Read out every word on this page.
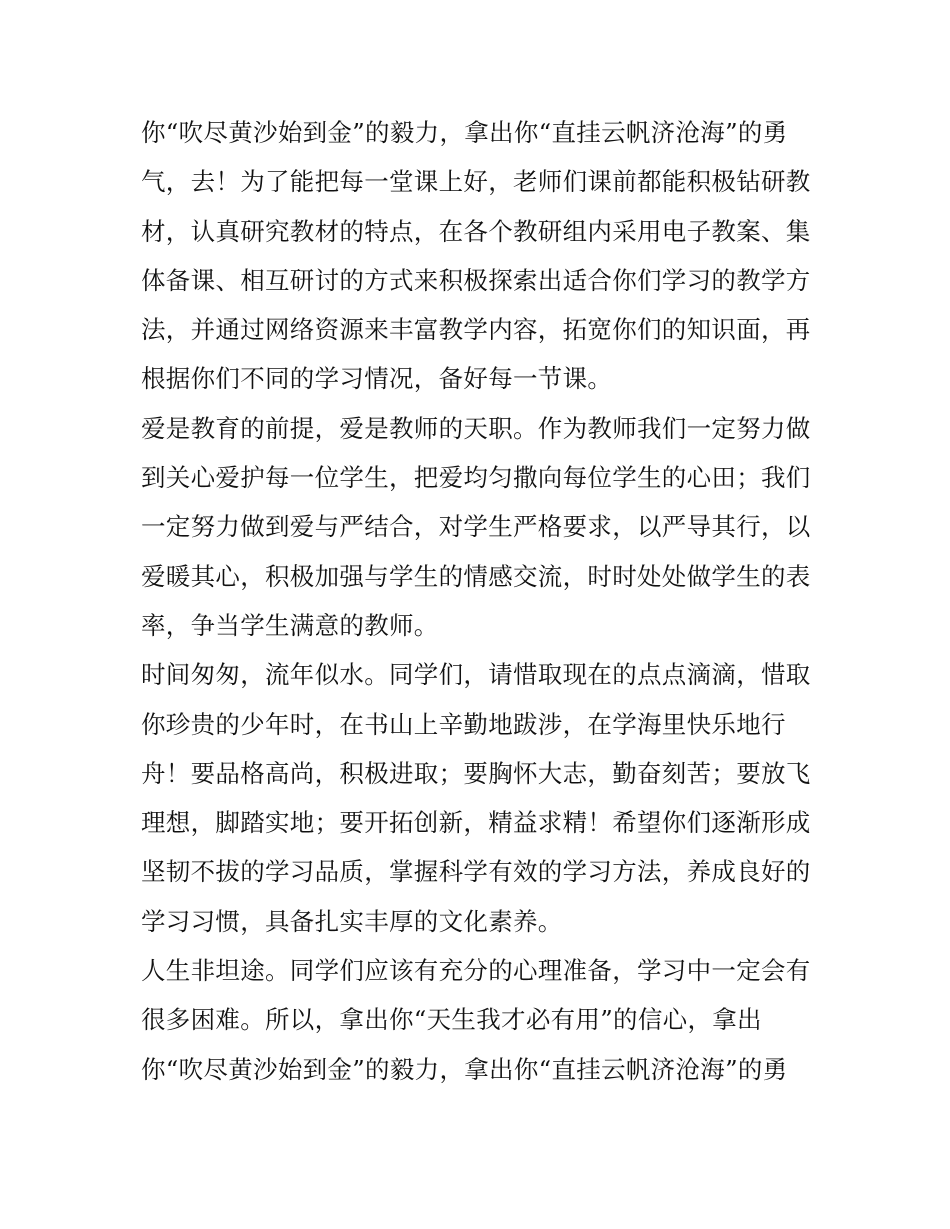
你“吹尽黄沙始到金”的毅力，拿出你“直挂云帆济沧海”的勇
气，去！为了能把每一堂课上好，老师们课前都能积极钻研教
材，认真研究教材的特点，在各个教研组内采用电子教案、集
体备课、相互研讨的方式来积极探索出适合你们学习的教学方
法，并通过网络资源来丰富教学内容，拓宽你们的知识面，再
根据你们不同的学习情况，备好每一节课。
爱是教育的前提，爱是教师的天职。作为教师我们一定努力做
到关心爱护每一位学生，把爱均匀撒向每位学生的心田；我们
一定努力做到爱与严结合，对学生严格要求，以严导其行，以
爱暖其心，积极加强与学生的情感交流，时时处处做学生的表
率，争当学生满意的教师。
时间匆匆，流年似水。同学们，请惜取现在的点点滴滴，惜取
你珍贵的少年时，在书山上辛勤地跋涉，在学海里快乐地行
舟！要品格高尚，积极进取；要胸怀大志，勤奋刻苦；要放飞
理想，脚踏实地；要开拓创新，精益求精！希望你们逐渐形成
坚韧不拔的学习品质，掌握科学有效的学习方法，养成良好的
学习习惯，具备扎实丰厚的文化素养。
人生非坦途。同学们应该有充分的心理准备，学习中一定会有
很多困难。所以，拿出你“天生我才必有用”的信心，拿出
你“吹尽黄沙始到金”的毅力，拿出你“直挂云帆济沧海”的勇
